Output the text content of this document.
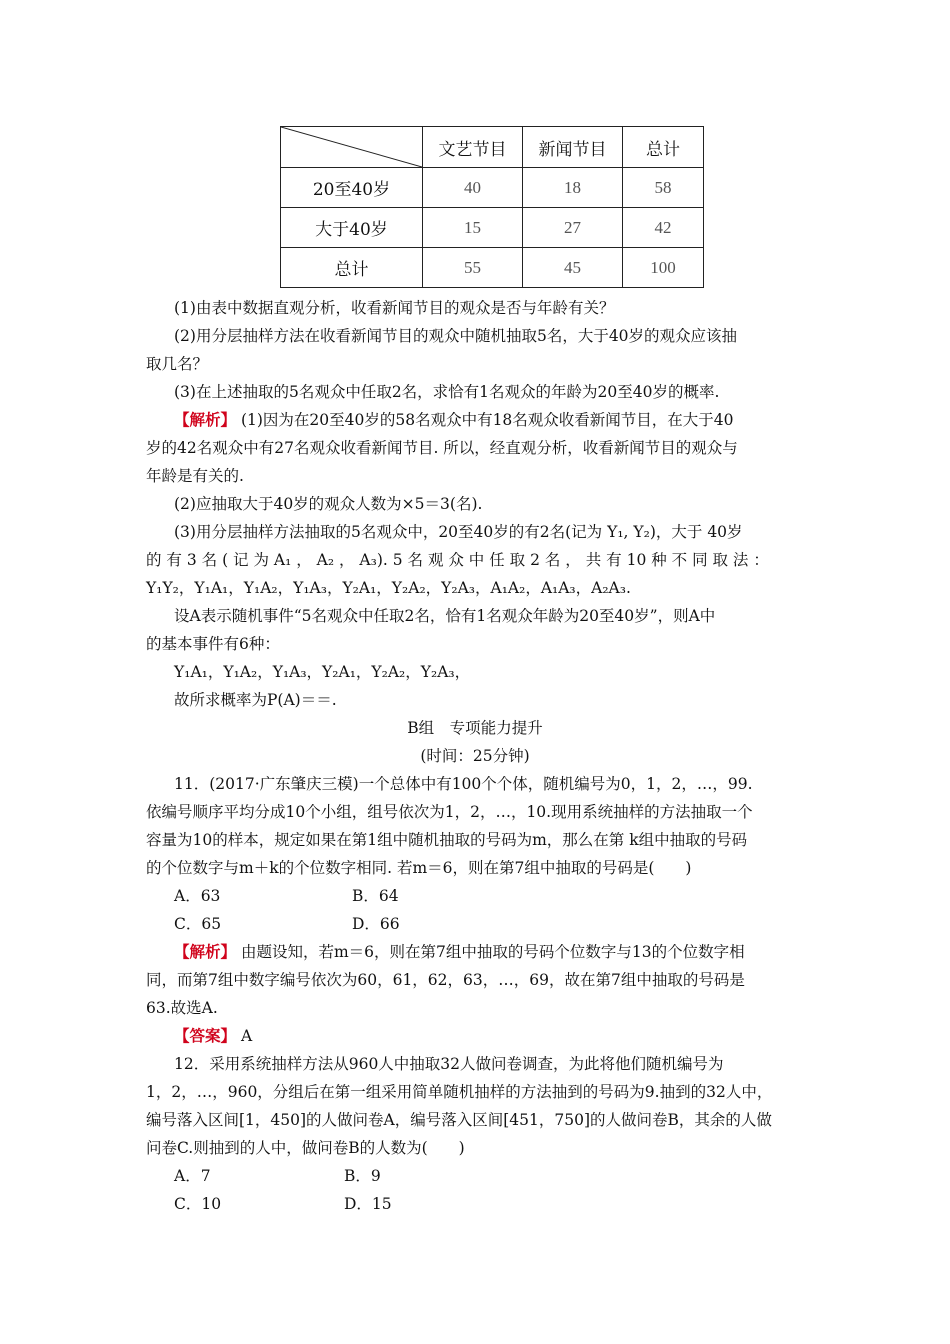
	文艺节目	新闻节目	总计
20至40岁	40	18	58
大于40岁	15	27	42
总计	55	45	100
(1)由表中数据直观分析，收看新闻节目的观众是否与年龄有关？
(2)用分层抽样方法在收看新闻节目的观众中随机抽取5名，大于40岁的观众应该抽
取几名？
(3)在上述抽取的5名观众中任取2名，求恰有1名观众的年龄为20至40岁的概率.
【解析】 (1)因为在20至40岁的58名观众中有18名观众收看新闻节目，在大于40
岁的42名观众中有27名观众收看新闻节目. 所以，经直观分析，收看新闻节目的观众与
年龄是有关的.
(2)应抽取大于40岁的观众人数为×5＝3(名).
(3)用分层抽样方法抽取的5名观众中，20至40岁的有2名(记为 Y₁, Y₂)，大于 40岁
的 有 3 名 ( 记 为 A₁ ， A₂ ， A₃). 5 名 观 众 中 任 取 2 名 ， 共 有 10 种 不 同 取 法 ：
Y₁Y₂，Y₁A₁，Y₁A₂，Y₁A₃，Y₂A₁，Y₂A₂，Y₂A₃，A₁A₂，A₁A₃，A₂A₃.
设A表示随机事件“5名观众中任取2名，恰有1名观众年龄为20至40岁”，则A中
的基本事件有6种：
Y₁A₁，Y₁A₂，Y₁A₃，Y₂A₁，Y₂A₂，Y₂A₃，
故所求概率为P(A)＝＝.
B组　专项能力提升
(时间：25分钟)
11．(2017·广东肇庆三模)一个总体中有100个个体，随机编号为0，1，2，…，99.
依编号顺序平均分成10个小组，组号依次为1，2，…，10.现用系统抽样的方法抽取一个
容量为10的样本，规定如果在第1组中随机抽取的号码为m，那么在第 k组中抽取的号码
的个位数字与m＋k的个位数字相同. 若m＝6，则在第7组中抽取的号码是(　　)
A．63	B．64
C．65	D．66
【解析】 由题设知，若m＝6，则在第7组中抽取的号码个位数字与13的个位数字相
同，而第7组中数字编号依次为60，61，62，63，…，69，故在第7组中抽取的号码是
63.故选A.
【答案】 A
12．采用系统抽样方法从960人中抽取32人做问卷调查，为此将他们随机编号为
1，2，…，960，分组后在第一组采用简单随机抽样的方法抽到的号码为9.抽到的32人中，
编号落入区间[1，450]的人做问卷A，编号落入区间[451，750]的人做问卷B，其余的人做
问卷C.则抽到的人中，做问卷B的人数为(　　)
A．7	B．9
C．10	D．15
